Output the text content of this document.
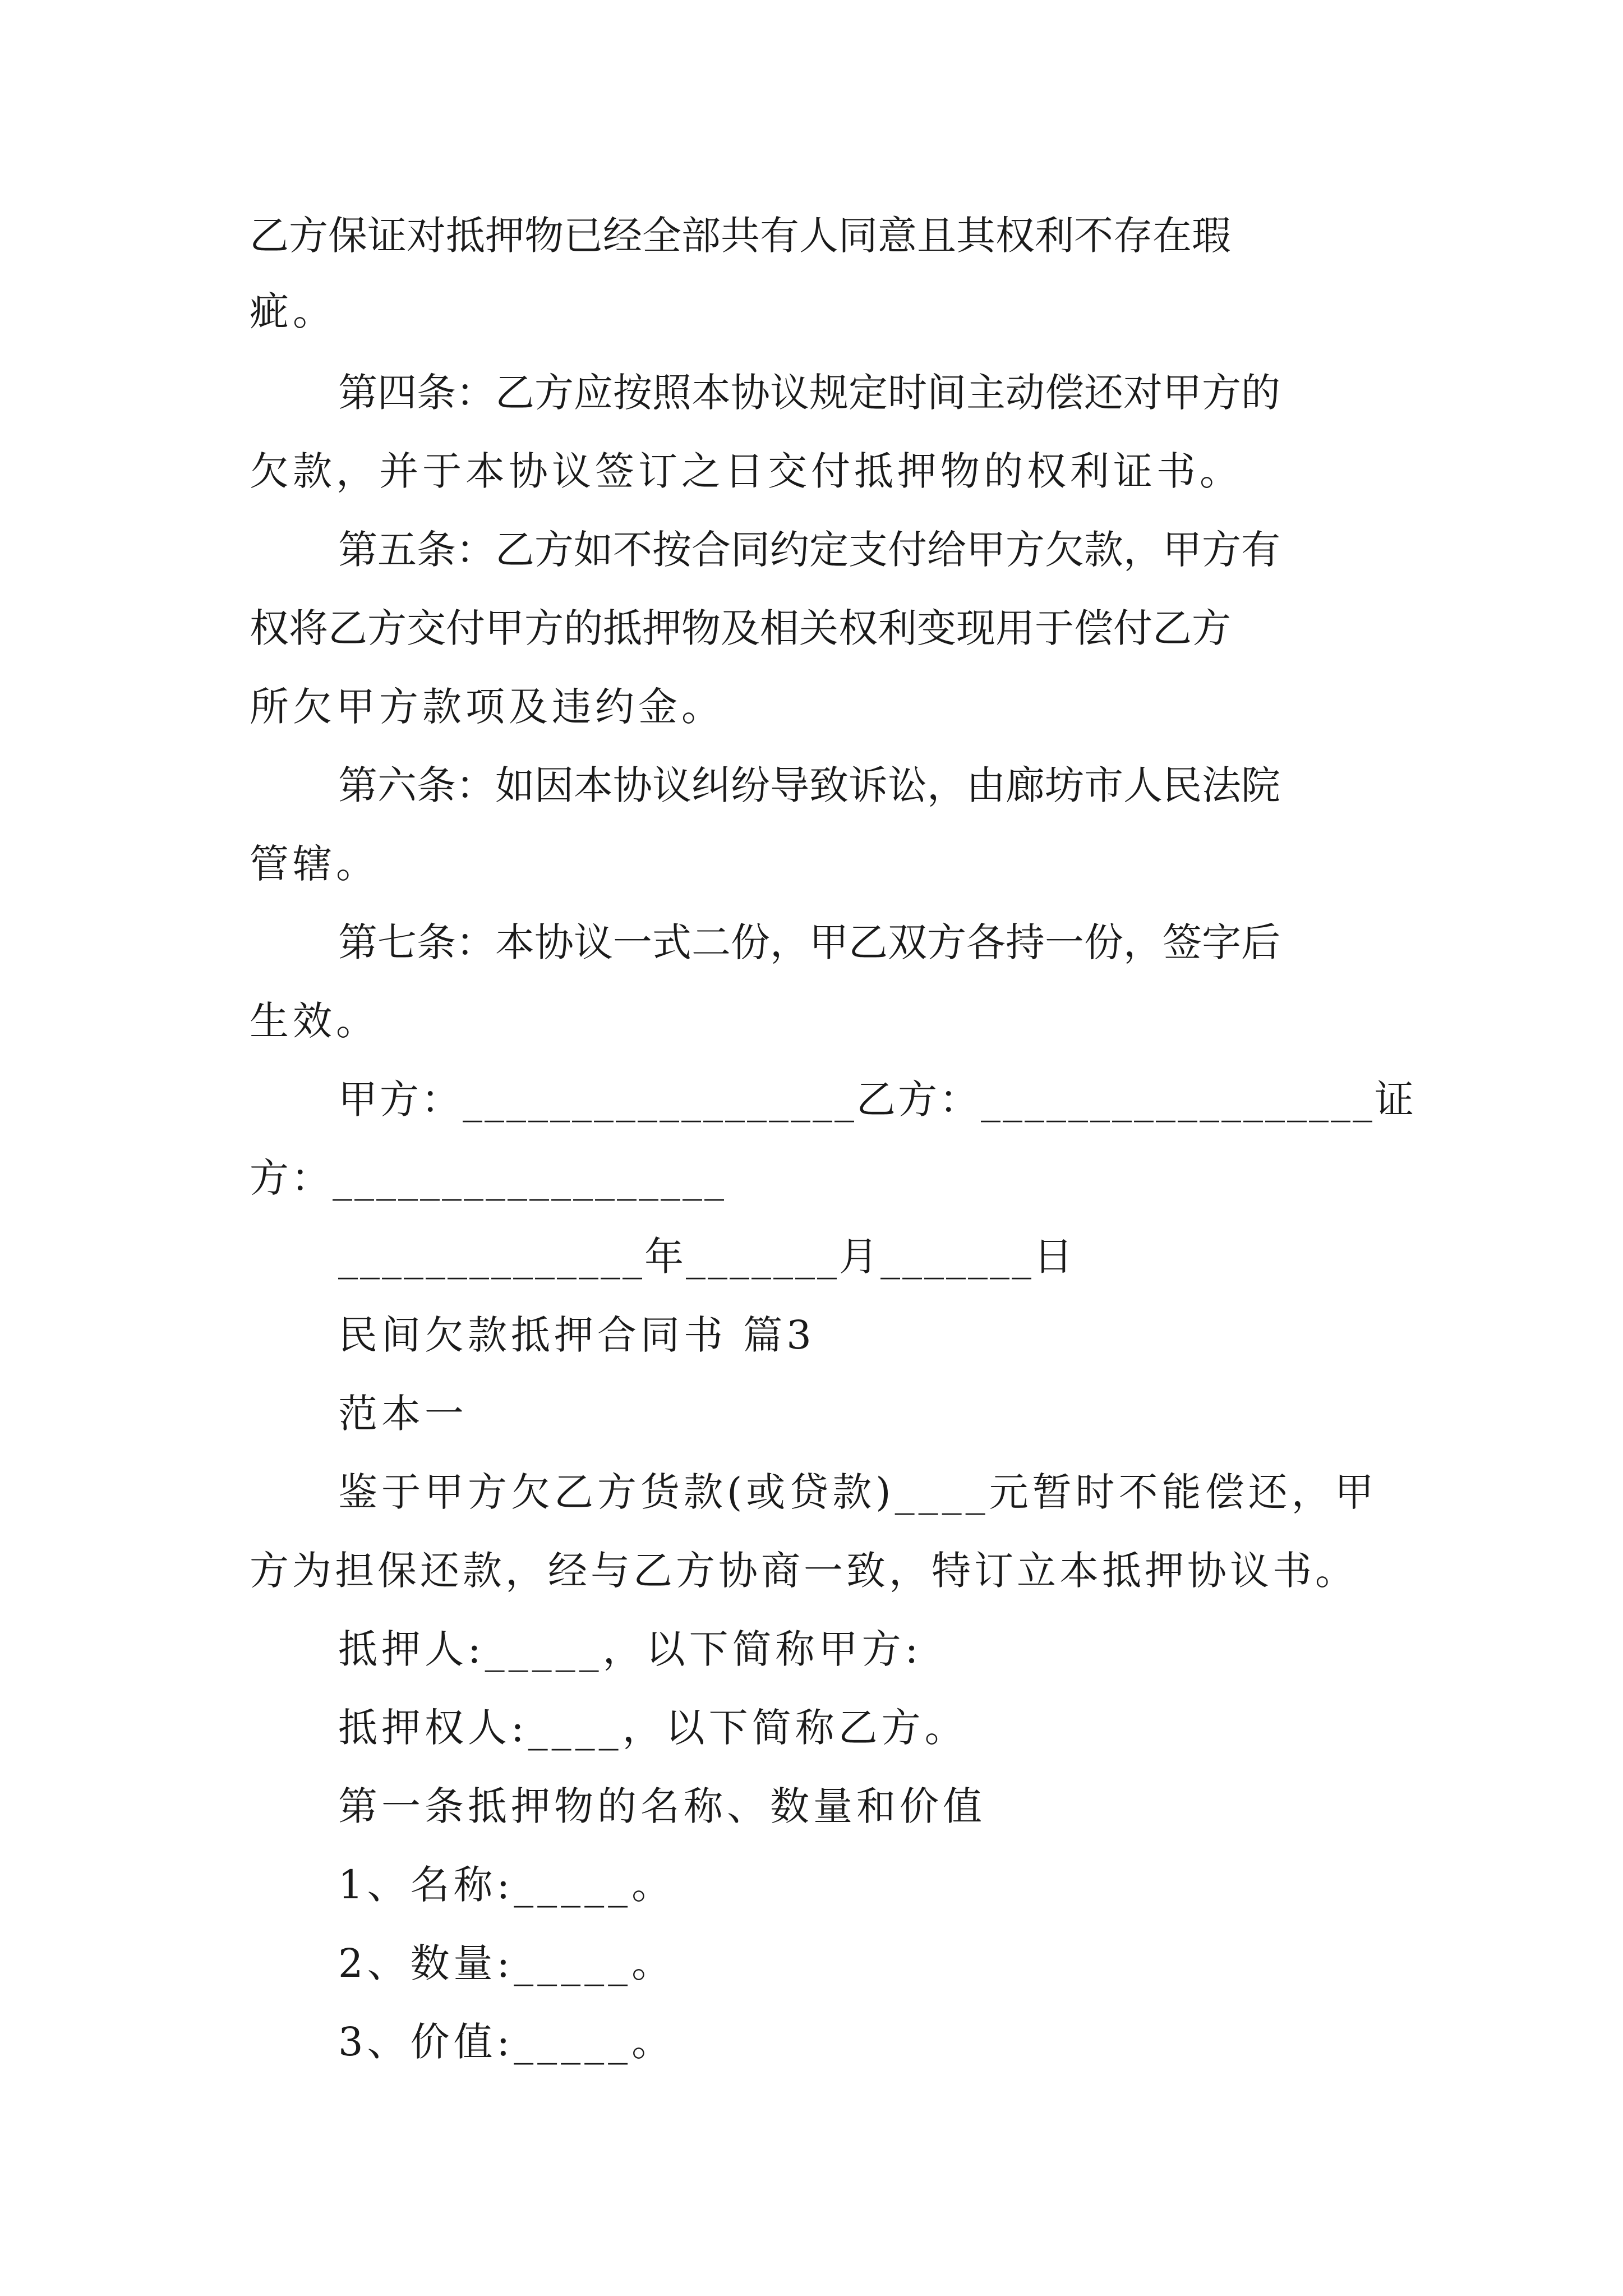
乙方保证对抵押物已经全部共有人同意且其权利不存在瑕
疵。
第四条：乙方应按照本协议规定时间主动偿还对甲方的
欠款，并于本协议签订之日交付抵押物的权利证书。
第五条：乙方如不按合同约定支付给甲方欠款，甲方有
权将乙方交付甲方的抵押物及相关权利变现用于偿付乙方
所欠甲方款项及违约金。
第六条：如因本协议纠纷导致诉讼，由廊坊市人民法院
管辖。
第七条：本协议一式二份，甲乙双方各持一份，签字后
生效。
甲方：__________________乙方：__________________证
方：__________________
______________年_______月_______日
民间欠款抵押合同书 篇3
范本一
鉴于甲方欠乙方货款(或贷款)____元暂时不能偿还，甲
方为担保还款，经与乙方协商一致，特订立本抵押协议书。
抵押人:_____，以下简称甲方:
抵押权人:____，以下简称乙方。
第一条抵押物的名称、数量和价值
1、名称:_____。
2、数量:_____。
3、价值:_____。
